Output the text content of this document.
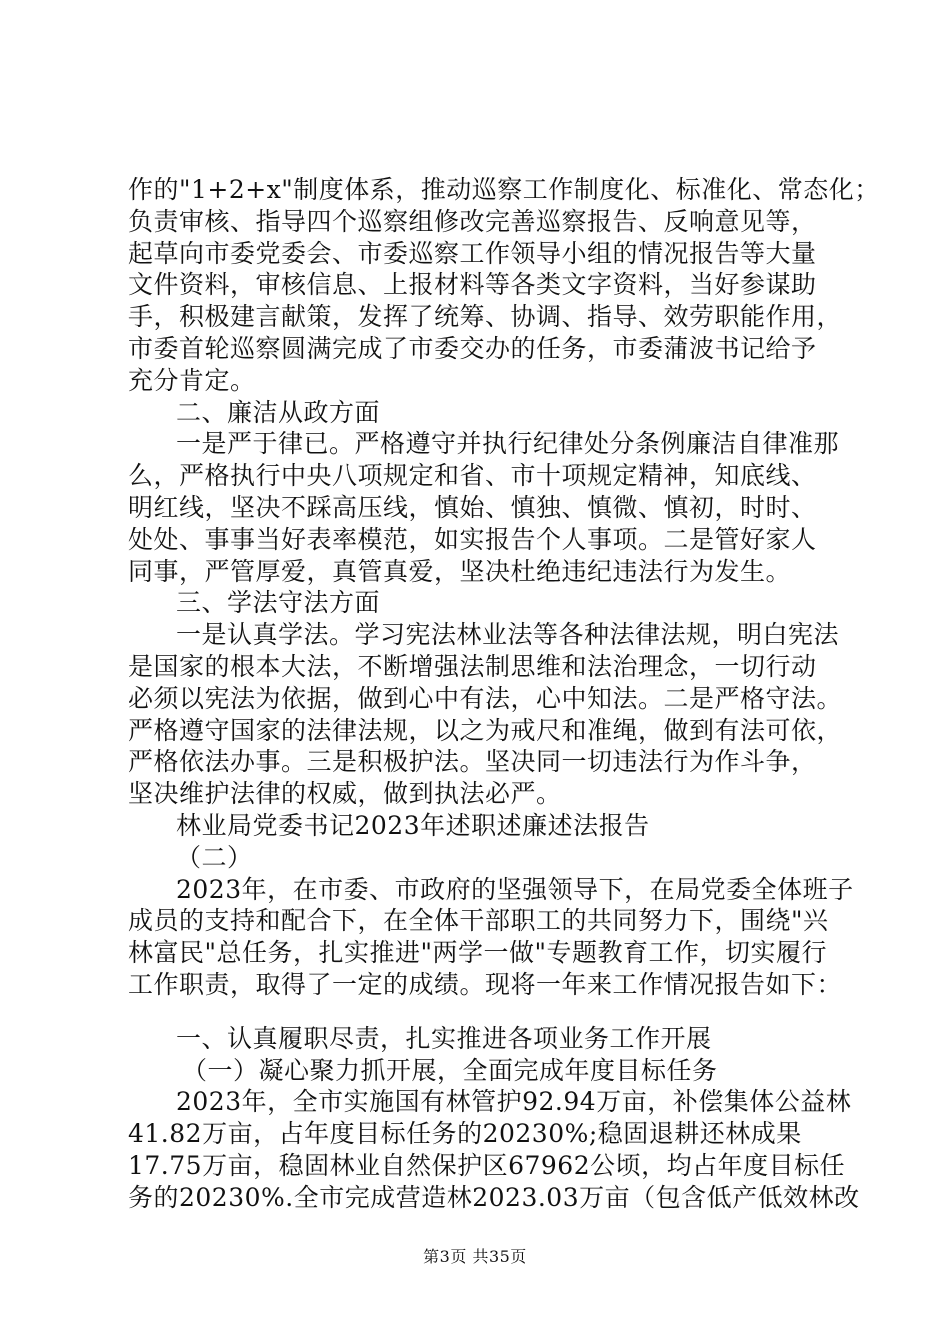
作的"1+2+x"制度体系，推动巡察工作制度化、标准化、常态化；
负责审核、指导四个巡察组修改完善巡察报告、反响意见等，
起草向市委党委会、市委巡察工作领导小组的情况报告等大量
文件资料，审核信息、上报材料等各类文字资料，当好参谋助
手，积极建言献策，发挥了统筹、协调、指导、效劳职能作用，
市委首轮巡察圆满完成了市委交办的任务，市委蒲波书记给予
充分肯定。
二、廉洁从政方面
一是严于律已。严格遵守并执行纪律处分条例廉洁自律准那
么，严格执行中央八项规定和省、市十项规定精神，知底线、
明红线，坚决不踩高压线，慎始、慎独、慎微、慎初，时时、
处处、事事当好表率模范，如实报告个人事项。二是管好家人
同事，严管厚爱，真管真爱，坚决杜绝违纪违法行为发生。
三、学法守法方面
一是认真学法。学习宪法林业法等各种法律法规，明白宪法
是国家的根本大法，不断增强法制思维和法治理念，一切行动
必须以宪法为依据，做到心中有法，心中知法。二是严格守法。
严格遵守国家的法律法规，以之为戒尺和准绳，做到有法可依，
严格依法办事。三是积极护法。坚决同一切违法行为作斗争，
坚决维护法律的权威，做到执法必严。
林业局党委书记2023年述职述廉述法报告
（二）
2023年，在市委、市政府的坚强领导下，在局党委全体班子
成员的支持和配合下，在全体干部职工的共同努力下，围绕"兴
林富民"总任务，扎实推进"两学一做"专题教育工作，切实履行
工作职责，取得了一定的成绩。现将一年来工作情况报告如下：
一、认真履职尽责，扎实推进各项业务工作开展
（一）凝心聚力抓开展，全面完成年度目标任务
2023年，全市实施国有林管护92.94万亩，补偿集体公益林
41.82万亩，占年度目标任务的20230%;稳固退耕还林成果
17.75万亩，稳固林业自然保护区67962公顷，均占年度目标任
务的20230%.全市完成营造林2023.03万亩（包含低产低效林改
第3页 共35页
